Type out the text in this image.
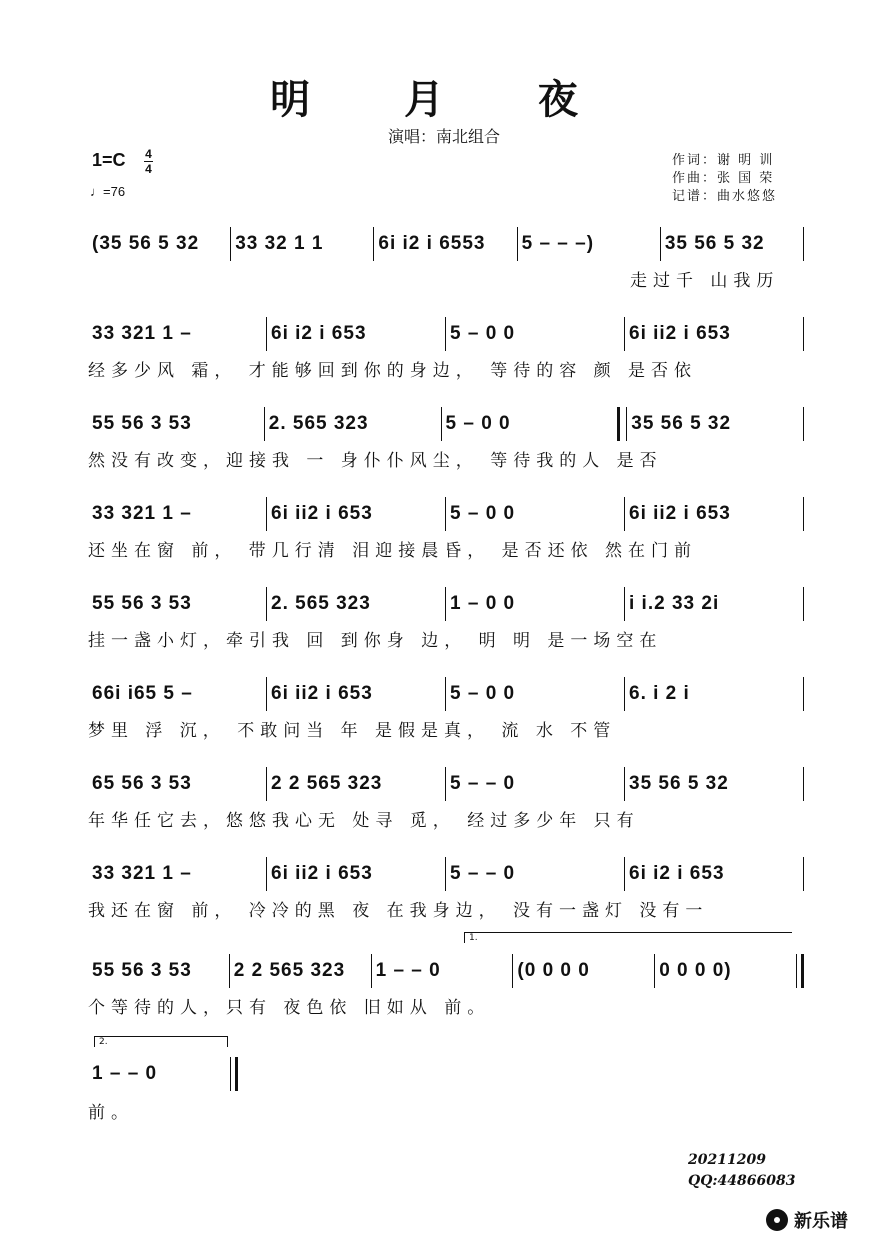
明 月 夜
演唱：南北组合
1=C 4
4
♩=76
作词：谢 明 训
作曲：张 国 荣
记谱：曲水悠悠
(35 56 5 32	33 32 1 1	6i i2 i 6553	5 – – –)	35 56 5 32
走过千 山我历
33 321 1 –	6i i2 i 653	5 – 0 0	6i ii2 i 653
经多少风 霜， 才能够回到你的身边， 等待的容 颜 是否依
55 56 3 53	2. 565 323	5 – 0 0	35 56 5 32
然没有改变，迎接我 一 身仆仆风尘， 等待我的人 是否
33 321 1 –	6i ii2 i 653	5 – 0 0	6i ii2 i 653
还坐在窗 前， 带几行清 泪迎接晨昏， 是否还依 然在门前
55 56 3 53	2. 565 323	1 – 0 0	i i.2 33 2i
挂一盏小灯，牵引我 回 到你身 边， 明 明 是一场空在
66i i65 5 –	6i ii2 i 653	5 – 0 0	6. i 2 i
梦里 浮 沉， 不敢问当 年 是假是真， 流 水 不管
65 56 3 53	2 2 565 323	5 – – 0	35 56 5 32
年华任它去，悠悠我心无 处寻 觅， 经过多少年 只有
33 321 1 –	6i ii2 i 653	5 – – 0	6i i2 i 653
我还在窗 前， 冷冷的黑 夜 在我身边， 没有一盏灯 没有一
55 56 3 53	2 2 565 323	1 – – 0	(0 0 0 0	0 0 0 0)
个等待的人，只有 夜色依 旧如从 前。
1.
2.
1 – – 0
前。
20211209
QQ:44866083
新乐谱
